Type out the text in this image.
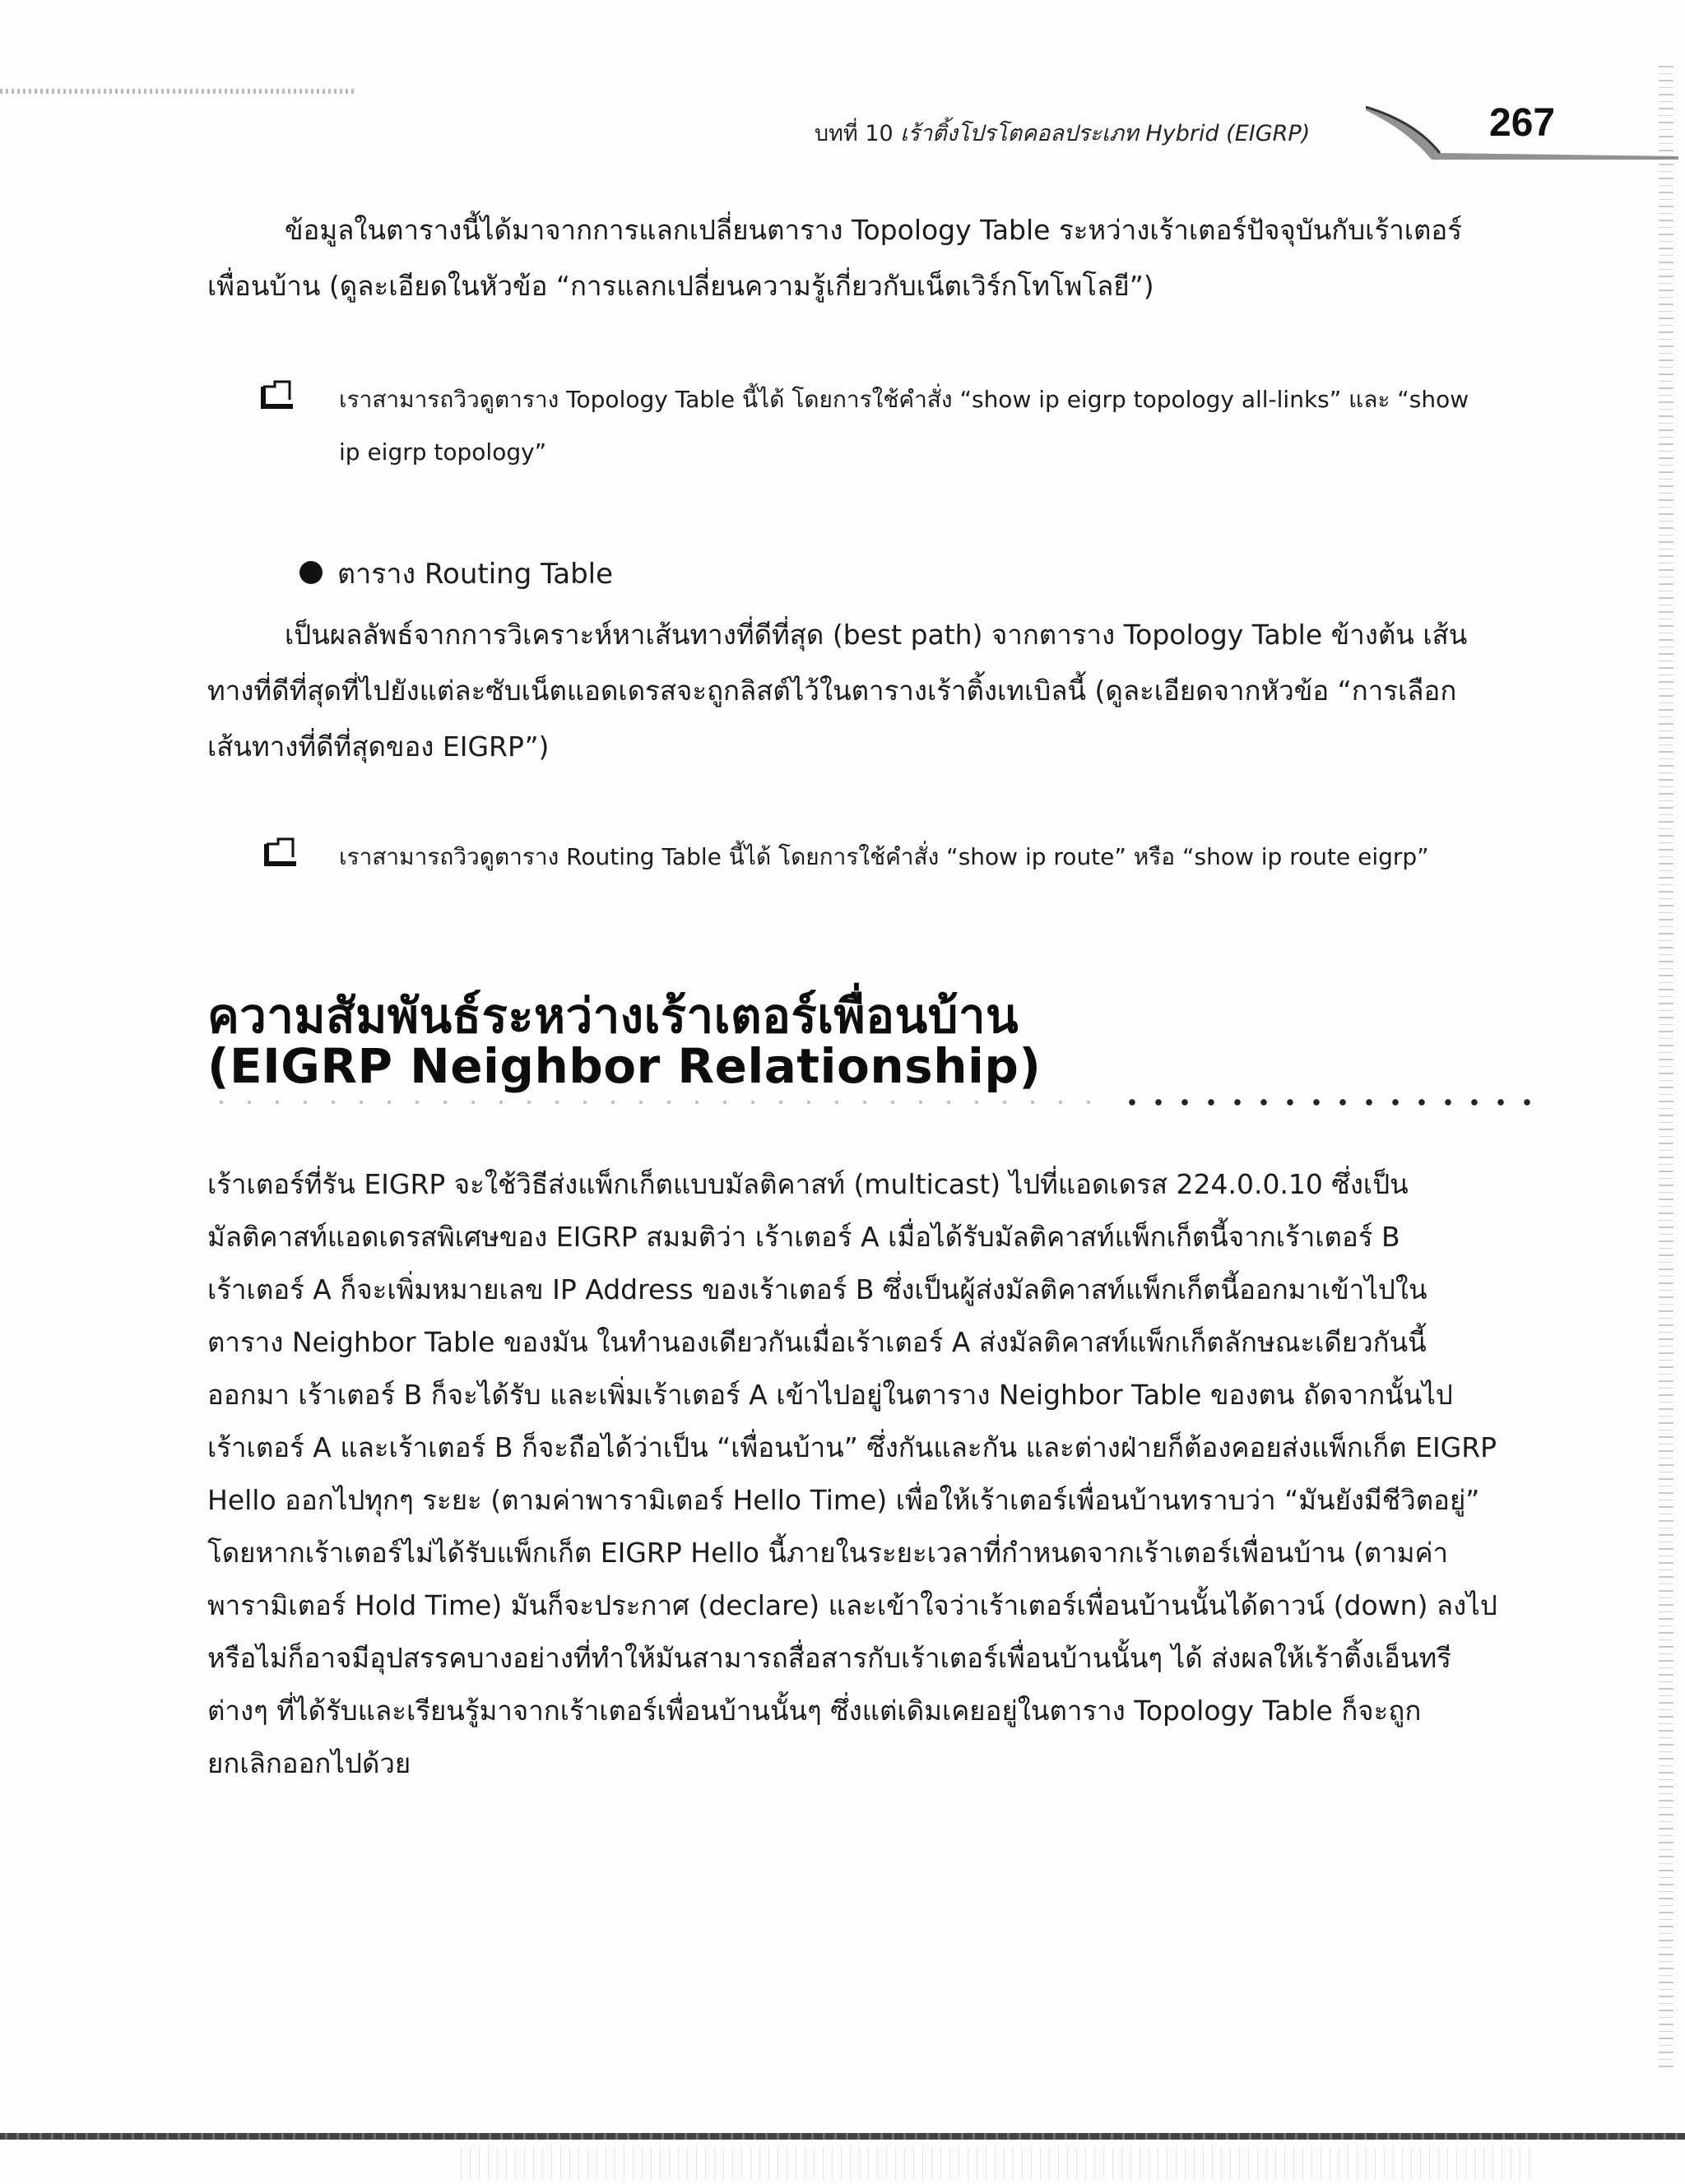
บทที่ 10 เร้าติ้งโปรโตคอลประเภท Hybrid (EIGRP)	267
ข้อมูลในตารางนี้ได้มาจากการแลกเปลี่ยนตาราง Topology Table ระหว่างเร้าเตอร์ปัจจุบันกับเร้าเตอร์
เพื่อนบ้าน (ดูละเอียดในหัวข้อ “การแลกเปลี่ยนความรู้เกี่ยวกับเน็ตเวิร์กโทโพโลยี”)
เราสามารถวิวดูตาราง Topology Table นี้ได้ โดยการใช้คำสั่ง “show ip eigrp topology all-links” และ “show
ip eigrp topology”
ตาราง Routing Table
เป็นผลลัพธ์จากการวิเคราะห์หาเส้นทางที่ดีที่สุด (best path) จากตาราง Topology Table ข้างต้น เส้น
ทางที่ดีที่สุดที่ไปยังแต่ละซับเน็ตแอดเดรสจะถูกลิสต์ไว้ในตารางเร้าติ้งเทเบิลนี้ (ดูละเอียดจากหัวข้อ “การเลือก
เส้นทางที่ดีที่สุดของ EIGRP”)
เราสามารถวิวดูตาราง Routing Table นี้ได้ โดยการใช้คำสั่ง “show ip route” หรือ “show ip route eigrp”
ความสัมพันธ์ระหว่างเร้าเตอร์เพื่อนบ้าน
(EIGRP Neighbor Relationship)
เร้าเตอร์ที่รัน EIGRP จะใช้วิธีส่งแพ็กเก็ตแบบมัลติคาสท์ (multicast) ไปที่แอดเดรส 224.0.0.10 ซึ่งเป็น
มัลติคาสท์แอดเดรสพิเศษของ EIGRP สมมติว่า เร้าเตอร์ A เมื่อได้รับมัลติคาสท์แพ็กเก็ตนี้จากเร้าเตอร์ B
เร้าเตอร์ A ก็จะเพิ่มหมายเลข IP Address ของเร้าเตอร์ B ซึ่งเป็นผู้ส่งมัลติคาสท์แพ็กเก็ตนี้ออกมาเข้าไปใน
ตาราง Neighbor Table ของมัน ในทำนองเดียวกันเมื่อเร้าเตอร์ A ส่งมัลติคาสท์แพ็กเก็ตลักษณะเดียวกันนี้
ออกมา เร้าเตอร์ B ก็จะได้รับ และเพิ่มเร้าเตอร์ A เข้าไปอยู่ในตาราง Neighbor Table ของตน ถัดจากนั้นไป
เร้าเตอร์ A และเร้าเตอร์ B ก็จะถือได้ว่าเป็น “เพื่อนบ้าน” ซึ่งกันและกัน และต่างฝ่ายก็ต้องคอยส่งแพ็กเก็ต EIGRP
Hello ออกไปทุกๆ ระยะ (ตามค่าพารามิเตอร์ Hello Time) เพื่อให้เร้าเตอร์เพื่อนบ้านทราบว่า “มันยังมีชีวิตอยู่”
โดยหากเร้าเตอร์ไม่ได้รับแพ็กเก็ต EIGRP Hello นี้ภายในระยะเวลาที่กำหนดจากเร้าเตอร์เพื่อนบ้าน (ตามค่า
พารามิเตอร์ Hold Time) มันก็จะประกาศ (declare) และเข้าใจว่าเร้าเตอร์เพื่อนบ้านนั้นได้ดาวน์ (down) ลงไป
หรือไม่ก็อาจมีอุปสรรคบางอย่างที่ทำให้มันสามารถสื่อสารกับเร้าเตอร์เพื่อนบ้านนั้นๆ ได้ ส่งผลให้เร้าติ้งเอ็นทรี
ต่างๆ ที่ได้รับและเรียนรู้มาจากเร้าเตอร์เพื่อนบ้านนั้นๆ ซึ่งแต่เดิมเคยอยู่ในตาราง Topology Table ก็จะถูก
ยกเลิกออกไปด้วย
